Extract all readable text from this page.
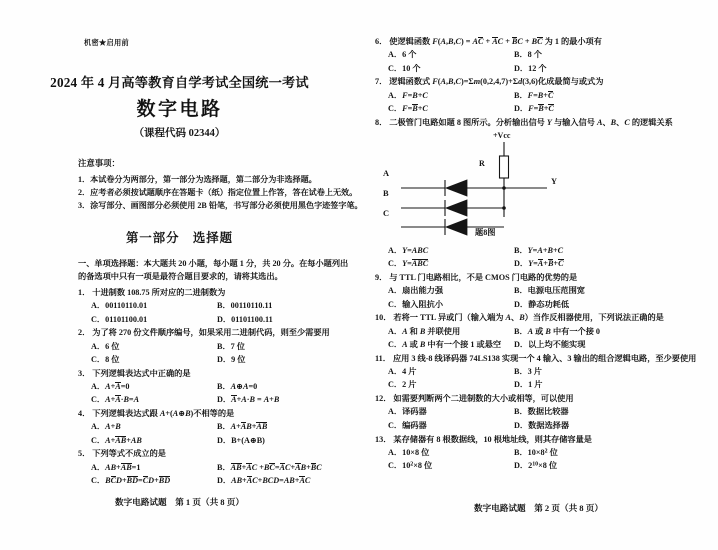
机密★启用前
2024 年 4 月高等教育自学考试全国统一考试
数字电路
（课程代码 02344）
注意事项：
1．本试卷分为两部分，第一部分为选择题，第二部分为非选择题。
2．应考者必须按试题顺序在答题卡（纸）指定位置上作答，答在试卷上无效。
3．涂写部分、画图部分必须使用 2B 铅笔，书写部分必须使用黑色字迹签字笔。
第一部分　选择题
一、单项选择题：本大题共 20 小题，每小题 1 分，共 20 分。在每小题列出的备选项中只有一项是最符合题目要求的，请将其选出。
1． 十进制数 108.75 所对应的二进制数为
A．00110110.01	B．00110110.11
C．01101100.01	D．01101100.11
2． 为了将 270 份文件顺序编号，如果采用二进制代码，则至少需要用
A．6 位	B．7 位
C．8 位	D．9 位
3． 下列逻辑表达式中正确的是
A．A+A=0	B．A⊕A=0
C．A+A·B=A	D．A+A·B = A+B
4． 下列逻辑表达式跟 A+(A⊕B)不相等的是
A．A+B	B．A+AB+AB
C．A+AB+AB	D．B+(A⊕B)
5． 下列等式不成立的是
A．AB+AB=1	B．AB+AC +BC=AC+AB+BC
C．BCD+BD=CD+BD	D．AB+AC+BCD=AB+AC
数字电路试题　第 1 页（共 8 页）
6． 使逻辑函数 F(A,B,C) = AC + AC + BC + BC 为 1 的最小项有
A．6 个	B．8 个
C．10 个	D．12 个
7． 逻辑函数式 F(A,B,C)=Σm(0,2,4,7)+Σd(3,6)化成最简与或式为
A．F=B+C	B．F=B+C
C．F=B+C	D．F=B+C
8． 二极管门电路如题 8 图所示。分析输出信号 Y 与输入信号 A、B、C 的逻辑关系
+Vcc
R
Y
A
B
C
题8图
A．Y=ABC	B．Y=A+B+C
C．Y=ABC	D．Y=A+B+C
9． 与 TTL 门电路相比，不是 CMOS 门电路的优势的是
A．扇出能力强	B．电源电压范围宽
C．输入阻抗小	D．静态功耗低
10． 若将一 TTL 异或门（输入端为 A、B）当作反相器使用，下列说法正确的是
A．A 和 B 并联使用	B．A 或 B 中有一个接 0
C．A 或 B 中有一个接 1 或悬空	D．以上均不能实现
11． 应用 3 线-8 线译码器 74LS138 实现一个 4 输入、3 输出的组合逻辑电路，至少要使用
A．4 片	B．3 片
C．2 片	D．1 片
12． 如需要判断两个二进制数的大小或相等，可以使用
A．译码器	B．数据比较器
C．编码器	D．数据选择器
13． 某存储器有 8 根数据线，10 根地址线，则其存储容量是
A．10×8 位	B．$10\times 8^2$ 位
C．$10^2\times 8$ 位	D．$2^{10}\times 8$ 位
数字电路试题　第 2 页（共 8 页）
